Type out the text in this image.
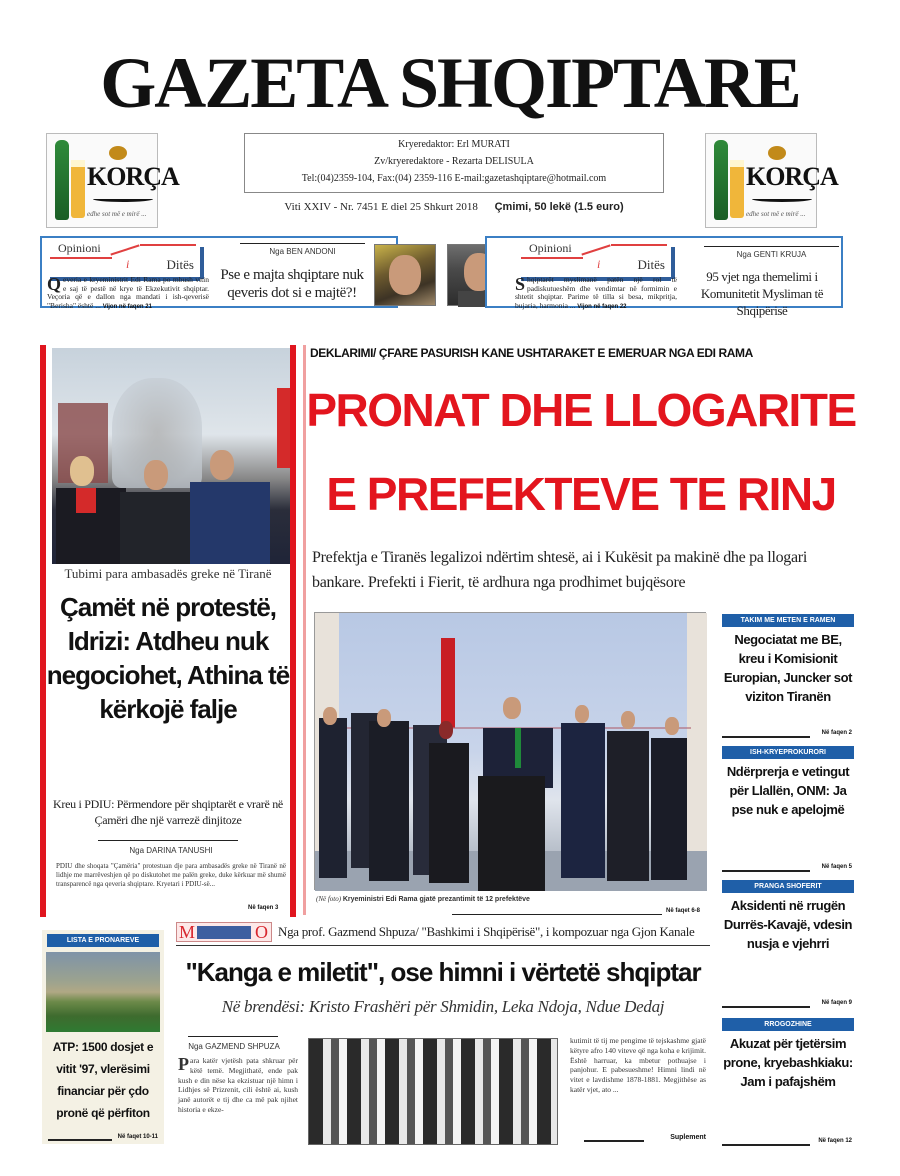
GAZETA SHQIPTARE
KORÇA
edhe sot më e mirë ...
KORÇA
edhe sot më e mirë ...
Kryeredaktor: Erl MURATI
Zv/kryeredaktore - Rezarta DELISULA
Tel:(04)2359-104, Fax:(04) 2359-116 E-mail:gazetashqiptare@hotmail.com
Viti XXIV - Nr. 7451 E diel 25 Shkurt 2018 Çmimi, 50 lekë (1.5 euro)
Opinioni
i	Ditës
Qeveria e kryeministrit Edi Rama po mbush vitin e saj të pestë në krye të Ekzekutivit shqiptar. Veçoria që e dallon nga mandati i ish-qeverisë "Berisha" është ... Vijon në faqen 21
Nga BEN ANDONI
Pse e majta shqiptare nuk qeveris dot si e majtë?!
Opinioni
i	Ditës
Shqiptarët myslimanë patën një rol të padiskutueshëm dhe vendimtar në formimin e shtetit shqiptar. Parime të tilla si besa, mikpritja, bujaria, harmonia ... Vijon në faqen 22
Nga GENTI KRUJA
95 vjet nga themelimi i Komunitetit Mysliman të Shqipërisë
Tubimi para ambasadës greke në Tiranë
Çamët në protestë, Idrizi: Atdheu nuk negociohet, Athina të kërkojë falje
Kreu i PDIU: Përmendore për shqiptarët e vrarë në Çamëri dhe një varrezë dinjitoze
Nga DARINA TANUSHI
PDIU dhe shoqata "Çamëria" protestuan dje para ambasadës greke në Tiranë në lidhje me marrëveshjen që po diskutohet me palën greke, duke kërkuar më shumë transparencë nga qeveria shqiptare. Kryetari i PDIU-së...
Në faqen 3
DEKLARIMI/ ÇFARE PASURISH KANE USHTARAKET E EMERUAR NGA EDI RAMA
PRONAT DHE LLOGARITE
E PREFEKTEVE TE RINJ
Prefektja e Tiranës legalizoi ndërtim shtesë, ai i Kukësit pa makinë dhe pa llogari bankare. Prefekti i Fierit, të ardhura nga prodhimet bujqësore
(Në foto) Kryeministri Edi Rama gjatë prezantimit të 12 prefektëve
Në faqet 6-8
TAKIM ME METEN E RAMEN
Negociatat me BE, kreu i Komisionit Europian, Juncker sot viziton Tiranën
Në faqen 2
ISH-KRYEPROKURORI
Ndërprerja e vetingut për Llallën, ONM: Ja pse nuk e apelojmë
Në faqen 5
PRANGA SHOFERIT
Aksidenti në rrugën Durrës-Kavajë, vdesin nusja e vjehrri
Në faqen 9
RROGOZHINE
Akuzat për tjetërsim prone, kryebashkiaku: Jam i pafajshëm
Në faqen 12
LISTA E PRONAREVE
ATP: 1500 dosjet e vitit '97, vlerësimi financiar për çdo pronë që përfiton
Në faqet 10-11
M	O Nga prof. Gazmend Shpuza/ "Bashkimi i Shqipërisë", i kompozuar nga Gjon Kanale
"Kanga e miletit", ose himni i vërtetë shqiptar
Në brendësi: Kristo Frashëri për Shmidin, Leka Ndoja, Ndue Dedaj
Nga GAZMEND SHPUZA
Para katër vjetësh pata shkruar për këtë temë. Megjithatë, ende pak kush e din nëse ka ekzistuar një himn i Lidhjes së Prizrenit, cili është ai, kush janë autorët e tij dhe ca më pak njihet historia e ekze-
kutimit të tij me pengime të tejskashme gjatë këtyre afro 140 viteve që nga koha e krijimit. Është harruar, ka mbetur pothuajse i panjohur. E pabesueshme! Himni lindi në vitet e lavdishme 1878-1881. Megjithëse as katër vjet, ato ...
Suplement
